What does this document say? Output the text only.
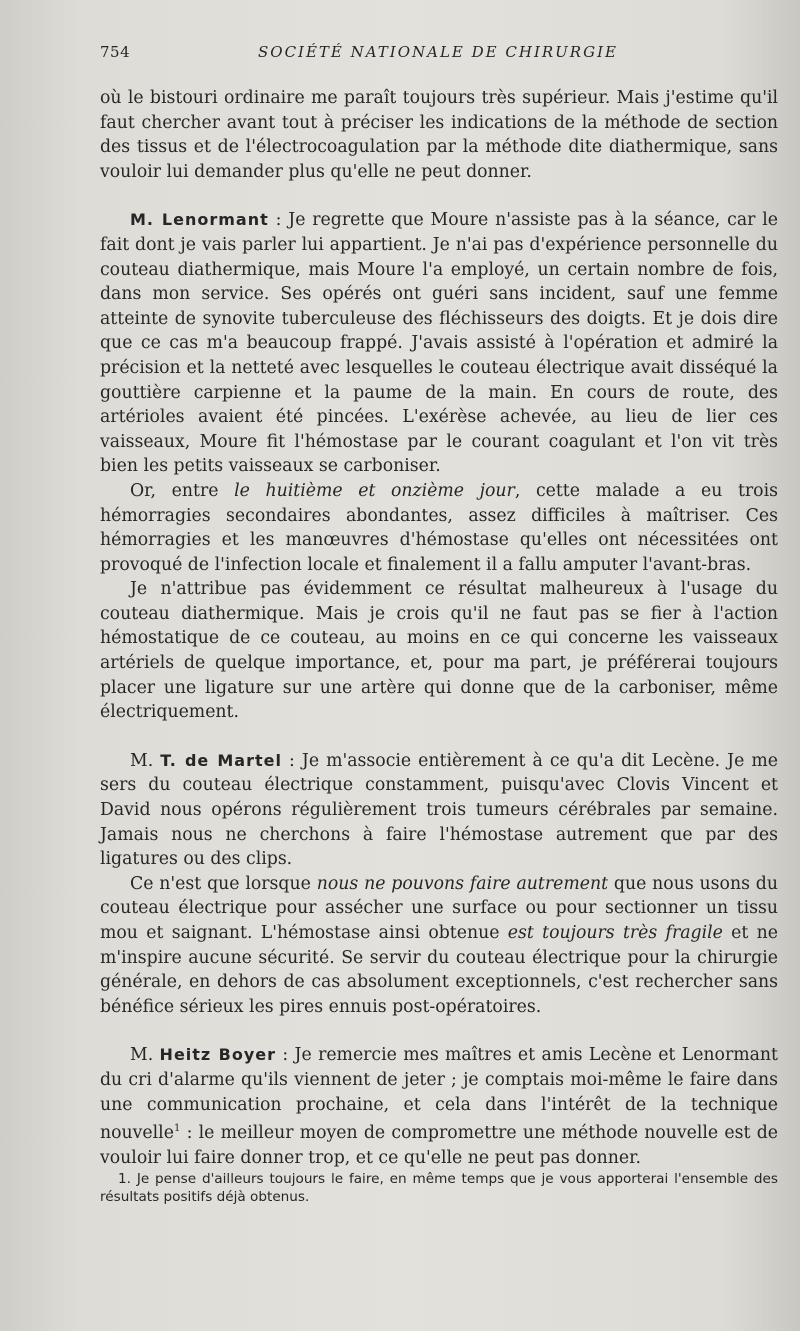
754	SOCIÉTÉ NATIONALE DE CHIRURGIE

où le bistouri ordinaire me paraît toujours très supérieur. Mais j'estime qu'il faut chercher avant tout à préciser les indications de la méthode de section des tissus et de l'électrocoagulation par la méthode dite diathermique, sans vouloir lui demander plus qu'elle ne peut donner.

M. Lenormant : Je regrette que Moure n'assiste pas à la séance, car le fait dont je vais parler lui appartient. Je n'ai pas d'expérience personnelle du couteau diathermique, mais Moure l'a employé, un certain nombre de fois, dans mon service. Ses opérés ont guéri sans incident, sauf une femme atteinte de synovite tuberculeuse des fléchisseurs des doigts. Et je dois dire que ce cas m'a beaucoup frappé. J'avais assisté à l'opération et admiré la précision et la netteté avec lesquelles le couteau électrique avait disséqué la gouttière carpienne et la paume de la main. En cours de route, des artérioles avaient été pincées. L'exérèse achevée, au lieu de lier ces vaisseaux, Moure fit l'hémostase par le courant coagulant et l'on vit très bien les petits vaisseaux se carboniser.

Or, entre le huitième et onzième jour, cette malade a eu trois hémorragies secondaires abondantes, assez difficiles à maîtriser. Ces hémorragies et les manœuvres d'hémostase qu'elles ont nécessitées ont provoqué de l'infection locale et finalement il a fallu amputer l'avant-bras.

Je n'attribue pas évidemment ce résultat malheureux à l'usage du couteau diathermique. Mais je crois qu'il ne faut pas se fier à l'action hémostatique de ce couteau, au moins en ce qui concerne les vaisseaux artériels de quelque importance, et, pour ma part, je préférerai toujours placer une ligature sur une artère qui donne que de la carboniser, même électriquement.

M. T. de Martel : Je m'associe entièrement à ce qu'a dit Lecène. Je me sers du couteau électrique constamment, puisqu'avec Clovis Vincent et David nous opérons régulièrement trois tumeurs cérébrales par semaine. Jamais nous ne cherchons à faire l'hémostase autrement que par des ligatures ou des clips.

Ce n'est que lorsque nous ne pouvons faire autrement que nous usons du couteau électrique pour assécher une surface ou pour sectionner un tissu mou et saignant. L'hémostase ainsi obtenue est toujours très fragile et ne m'inspire aucune sécurité. Se servir du couteau électrique pour la chirurgie générale, en dehors de cas absolument exceptionnels, c'est rechercher sans bénéfice sérieux les pires ennuis post-opératoires.

M. Heitz Boyer : Je remercie mes maîtres et amis Lecène et Lenormant du cri d'alarme qu'ils viennent de jeter ; je comptais moi-même le faire dans une communication prochaine, et cela dans l'intérêt de la technique nouvelle$^1$ : le meilleur moyen de compromettre une méthode nouvelle est de vouloir lui faire donner trop, et ce qu'elle ne peut pas donner.

1. Je pense d'ailleurs toujours le faire, en même temps que je vous apporterai l'ensemble des résultats positifs déjà obtenus.
